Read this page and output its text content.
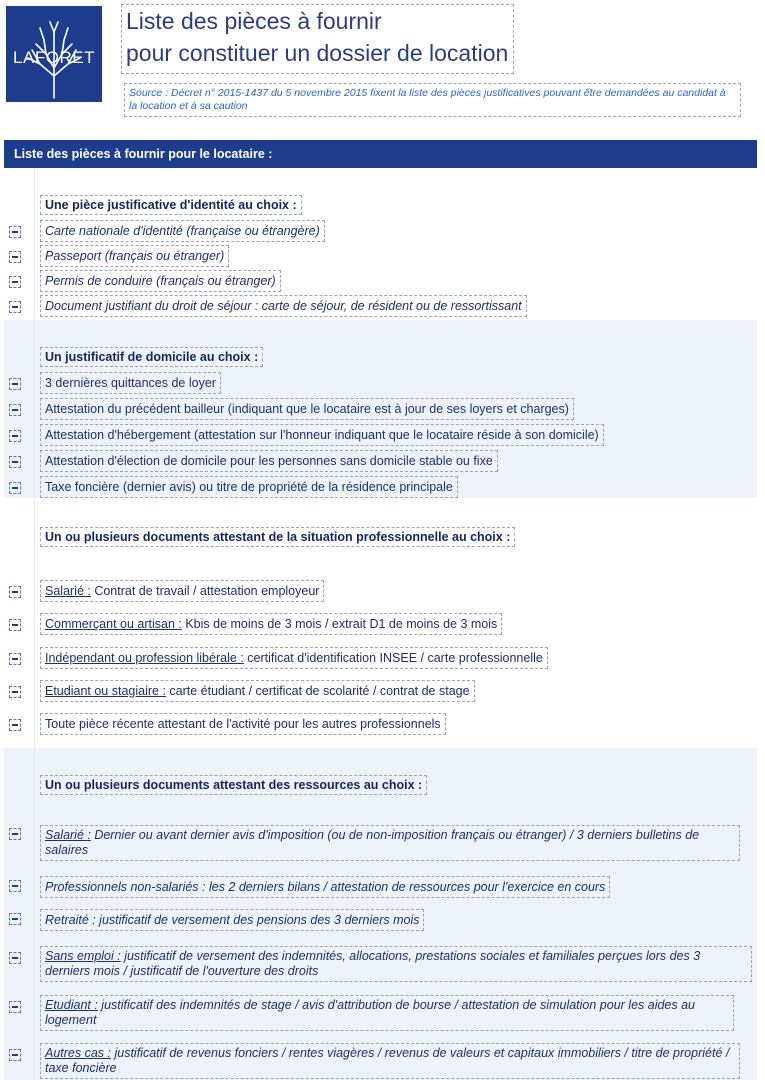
LAFORET
Liste des pièces à fournir
pour constituer un dossier de location
Source : Décret n° 2015-1437 du 5 novembre 2015 fixent la liste des pièces justificatives pouvant être demandées au candidat à la location et à sa caution
Liste des pièces à fournir pour le locataire :
Une pièce justificative d'identité au choix :
Carte nationale d'identité (française ou étrangère)
Passeport (français ou étranger)
Permis de conduire (français ou étranger)
Document justifiant du droit de séjour : carte de séjour, de résident ou de ressortissant
Un justificatif de domicile au choix :
3 dernières quittances de loyer
Attestation du précédent bailleur (indiquant que le locataire est à jour de ses loyers et charges)
Attestation d'hébergement (attestation sur l'honneur indiquant que le locataire réside à son domicile)
Attestation d'élection de domicile pour les personnes sans domicile stable ou fixe
Taxe foncière (dernier avis) ou titre de propriété de la résidence principale
Un ou plusieurs documents attestant de la situation professionnelle au choix :
Salarié : Contrat de travail / attestation employeur
Commerçant ou artisan : Kbis de moins de 3 mois / extrait D1 de moins de 3 mois
Indépendant ou profession libérale : certificat d'identification INSEE / carte professionnelle
Etudiant ou stagiaire : carte étudiant / certificat de scolarité / contrat de stage
Toute pièce récente attestant de l'activité pour les autres professionnels
Un ou plusieurs documents attestant des ressources au choix :
Salarié : Dernier ou avant dernier avis d'imposition (ou de non-imposition français ou étranger) / 3 derniers bulletins de salaires
Professionnels non-salariés : les 2 derniers bilans / attestation de ressources pour l'exercice en cours
Retraité : justificatif de versement des pensions des 3 derniers mois
Sans emploi : justificatif de versement des indemnités, allocations, prestations sociales et familiales perçues lors des 3 derniers mois / justificatif de l'ouverture des droits
Etudiant : justificatif des indemnités de stage / avis d'attribution de bourse / attestation de simulation pour les aides au logement
Autres cas : justificatif de revenus fonciers / rentes viagères / revenus de valeurs et capitaux immobiliers / titre de propriété / taxe foncière
